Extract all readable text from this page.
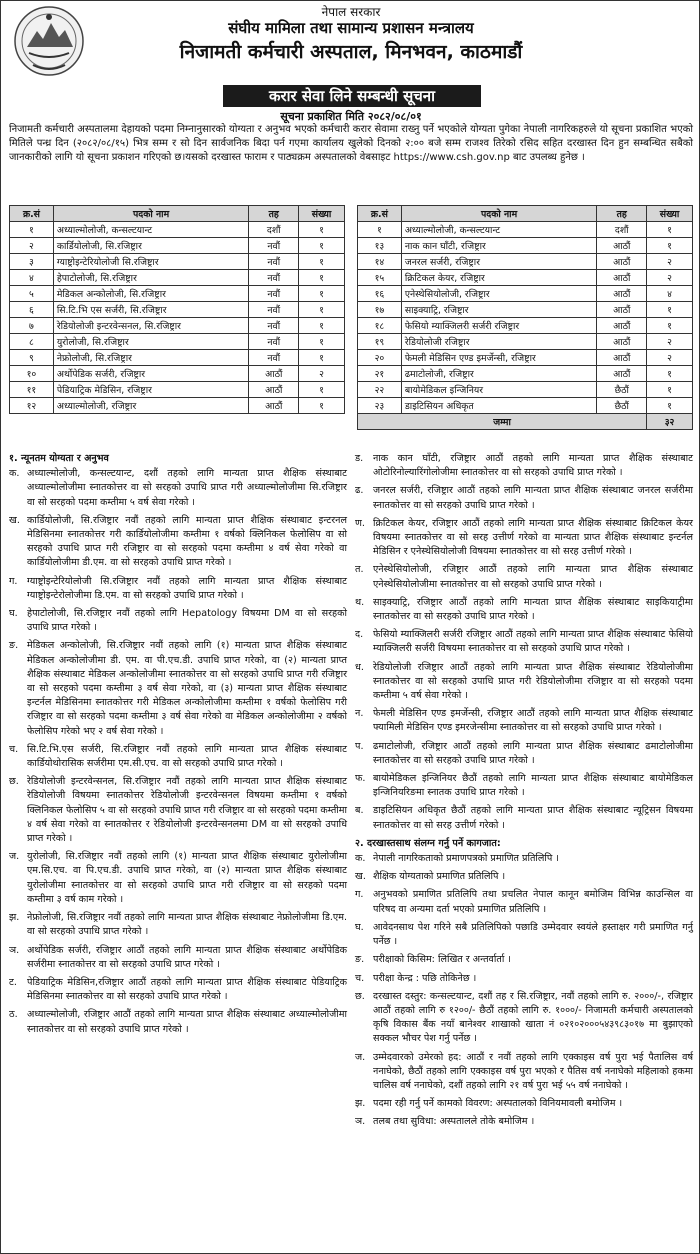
नेपाल सरकार
संघीय मामिला तथा सामान्य प्रशासन मन्त्रालय
निजामती कर्मचारी अस्पताल, मिनभवन, काठमाडौं
करार सेवा लिने सम्बन्धी सूचना
सूचना प्रकाशित मिति २०८२/०८/०१
निजामती कर्मचारी अस्पतालमा देहायको पदमा निम्नानुसारको योग्यता र अनुभव भएको कर्मचारी करार सेवामा राख्नु पर्ने भएकोले योग्यता पुगेका नेपाली नागरिकहरुले यो सूचना प्रकाशित भएको मितिले पन्ध्र दिन (२०८२/०८/१५) भित्र सम्म र सो दिन सार्वजनिक बिदा पर्न गएमा कार्यालय खुलेको दिनको २:०० बजे सम्म राजश्व तिरेको रसिद सहित दरखास्त दिन हुन सम्बन्धित सबैको जानकारीको लागि यो सूचना प्रकाशन गरिएको छ।यसको दरखास्त फाराम र पाठ्यक्रम अस्पतालको वेबसाइट https://www.csh.gov.np बाट उपलब्ध हुनेछ ।
क्र.सं	पदको नाम	तह	संख्या
१	अध्याल्मोलोजी, कन्सल्टयान्ट	दशौं	१
२	कार्डियोलोजी, सि.रजिष्ट्रार	नवौं	१
३	ग्याष्ट्रोइन्टेरियोलोजी सि.रजिष्ट्रार	नवौं	१
४	हेपाटोलोजी, सि.रजिष्ट्रार	नवौं	१
५	मेडिकल अन्कोलोजी, सि.रजिष्ट्रार	नवौं	१
६	सि.टि.भि एस सर्जरी, सि.रजिष्ट्रार	नवौं	१
७	रेडियोलोजी इन्टरवेन्सनल, सि.रजिष्ट्रार	नवौं	१
८	युरोलोजी, सि.रजिष्ट्रार	नवौं	१
९	नेफ्रोलोजी, सि.रजिष्ट्रार	नवौं	१
१०	अर्थोपेडिक सर्जरी, रजिष्ट्रार	आठौं	२
११	पेडियाट्रिक मेडिसिन, रजिष्ट्रार	आठौं	१
१२	अध्याल्मोलोजी, रजिष्ट्रार	आठौं	१
क्र.सं	पदको नाम	तह	संख्या
१	अध्याल्मोलोजी, कन्सल्टयान्ट	दशौं	१
१३	नाक कान घाँटी, रजिष्ट्रार	आठौं	१
१४	जनरल सर्जरी, रजिष्ट्रार	आठौं	२
१५	क्रिटिकल केयर, रजिष्ट्रार	आठौं	२
१६	एनेस्थेसियोलोजी, रजिष्ट्रार	आठौं	४
१७	साइक्याट्रि, रजिष्ट्रार	आठौं	१
१८	फेसियो म्याक्जिलरी सर्जरी रजिष्ट्रार	आठौं	१
१९	रेडियोलोजी रजिष्ट्रार	आठौं	२
२०	फेमली मेडिसिन एण्ड इमर्जेन्सी, रजिष्ट्रार	आठौं	२
२१	ढमाटोलोजी, रजिष्ट्रार	आठौं	१
२२	बायोमेडिकल इन्जिनियर	छैठौं	१
२३	डाइटिसियन अधिकृत	छैठौं	१
जम्मा			३२
१. न्यूनतम योग्यता र अनुभव
क. अध्याल्मोलोजी, कन्सल्टयान्ट, दशौं तहको लागि मान्यता प्राप्त शैक्षिक संस्थाबाट अध्याल्मोलोजीमा स्नातकोत्तर वा सो सरहको उपाधि प्राप्त गरी अध्याल्मोलोजीमा सि.रजिष्ट्रार वा सो सरहको पदमा कम्तीमा ५ वर्ष सेवा गरेको ।
ख. कार्डियोलोजी, सि.रजिष्ट्रार नवौं तहको लागि मान्यता प्राप्त शैक्षिक संस्थाबाट इन्टरनल मेडिसिनमा स्नातकोत्तर गरी कार्डियोलोजीमा कम्तीमा १ वर्षको क्लिनिकल फेलोसिप वा सो सरहको उपाधि प्राप्त गरी रजिष्ट्रार वा सो सरहको पदमा कम्तीमा ४ वर्ष सेवा गरेको वा कार्डियोलोजीमा डी.एम. वा सो सरहको उपाधि प्राप्त गरेको ।
ग. ग्याष्ट्रोइन्टेरियोलोजी सि.रजिष्ट्रार नवौं तहको लागि मान्यता प्राप्त शैक्षिक संस्थाबाट ग्याष्ट्रोइन्टेरोलोजीमा डि.एम. वा सो सरहको उपाधि प्राप्त गरेको ।
घ. हेपाटोलोजी, सि.रजिष्ट्रार नवौं तहको लागि Hepatology विषयमा DM वा सो सरहको उपाधि प्राप्त गरेको ।
ङ. मेडिकल अन्कोलोजी, सि.रजिष्ट्रार नवौं तहको लागि (१) मान्यता प्राप्त शैक्षिक संस्थाबाट मेडिकल अन्कोलोजीमा डी. एम. वा पी.एच.डी. उपाधि प्राप्त गरेको, वा (२) मान्यता प्राप्त शैक्षिक संस्थाबाट मेडिकल अन्कोलोजीमा स्नातकोत्तर वा सो सरहको उपाधि प्राप्त गरी रजिष्ट्रार वा सो सरहको पदमा कम्तीमा ३ वर्ष सेवा गरेको, वा (३) मान्यता प्राप्त शैक्षिक संस्थाबाट इन्टर्नल मेडिसिनमा स्नातकोत्तर गरी मेडिकल अन्कोलोजीमा कम्तीमा १ वर्षको फेलोसिप गरी रजिष्ट्रार वा सो सरहको पदमा कम्तीमा ३ वर्ष सेवा गरेको वा मेडिकल अन्कोलोजीमा २ वर्षको फेलोसिप गरेको भए २ वर्ष सेवा गरेको ।
च. सि.टि.भि.एस सर्जरी, सि.रजिष्ट्रार नवौं तहको लागि मान्यता प्राप्त शैक्षिक संस्थाबाट कार्डियोथोरासिक सर्जरीमा एम.सी.एच. वा सो सरहको उपाधि प्राप्त गरेको ।
छ. रेडियोलोजी इन्टरवेन्सनल, सि.रजिष्ट्रार नवौं तहको लागि मान्यता प्राप्त शैक्षिक संस्थाबाट रेडियोलोजी विषयमा स्नातकोत्तर रेडियोलोजी इन्टरवेन्सनल विषयमा कम्तीमा १ वर्षको क्लिनिकल फेलोसिप ५ वा सो सरहको उपाधि प्राप्त गरी रजिष्ट्रार वा सो सरहको पदमा कम्तीमा ४ वर्ष सेवा गरेको वा स्नातकोत्तर र रेडियोलोजी इन्टरवेन्सनलमा DM वा सो सरहको उपाधि प्राप्त गरेको ।
ज. युरोलोजी, सि.रजिष्ट्रार नवौं तहको लागि (१) मान्यता प्राप्त शैक्षिक संस्थाबाट युरोलोजीमा एम.सि.एच. वा पि.एच.डी. उपाधि प्राप्त गरेको, वा (२) मान्यता प्राप्त शैक्षिक संस्थाबाट युरोलोजीमा स्नातकोत्तर वा सो सरहको उपाधि प्राप्त गरी रजिष्ट्रार वा सो सरहको पदमा कम्तीमा ३ वर्ष काम गरेको ।
झ. नेफ्रोलोजी, सि.रजिष्ट्रार नवौं तहको लागि मान्यता प्राप्त शैक्षिक संस्थाबाट नेफ्रोलोजीमा डि.एम. वा सो सरहको उपाधि प्राप्त गरेको ।
ञ. अर्थोपेडिक सर्जरी, रजिष्ट्रार आठौं तहको लागि मान्यता प्राप्त शैक्षिक संस्थाबाट अर्थोपेडिक सर्जरीमा स्नातकोत्तर वा सो सरहको उपाधि प्राप्त गरेको ।
ट. पेडियाट्रिक मेडिसिन,रजिष्ट्रार आठौं तहको लागि मान्यता प्राप्त शैक्षिक संस्थाबाट पेडियाट्रिक मेडिसिनमा स्नातकोत्तर वा सो सरहको उपाधि प्राप्त गरेको ।
ठ. अध्याल्मोलोजी, रजिष्ट्रार आठौं तहको लागि मान्यता प्राप्त शैक्षिक संस्थाबाट अध्याल्मोलोजीमा स्नातकोत्तर वा सो सरहको उपाधि प्राप्त गरेको ।
ड. नाक कान घाँटी, रजिष्ट्रार आठौं तहको लागि मान्यता प्राप्त शैक्षिक संस्थाबाट ओटोरिनोल्यारिंगोलोजीमा स्नातकोत्तर वा सो सरहको उपाधि प्राप्त गरेको ।
ढ. जनरल सर्जरी, रजिष्ट्रार आठौं तहको लागि मान्यता प्राप्त शैक्षिक संस्थाबाट जनरल सर्जरीमा स्नातकोत्तर वा सो सरहको उपाधि प्राप्त गरेको ।
ण. क्रिटिकल केयर, रजिष्ट्रार आठौं तहको लागि मान्यता प्राप्त शैक्षिक संस्थाबाट क्रिटिकल केयर विषयमा स्नातकोत्तर वा सो सरह उत्तीर्ण गरेको वा मान्यता प्राप्त शैक्षिक संस्थाबाट इन्टर्नल मेडिसिन र एनेस्थेसियोलोजी विषयमा स्नातकोत्तर वा सो सरह उत्तीर्ण गरेको ।
त. एनेस्थेसियोलोजी, रजिष्ट्रार आठौं तहको लागि मान्यता प्राप्त शैक्षिक संस्थाबाट एनेस्थेसियोलोजीमा स्नातकोत्तर वा सो सरहको उपाधि प्राप्त गरेको ।
थ. साइक्याट्रि, रजिष्ट्रार आठौं तहको लागि मान्यता प्राप्त शैक्षिक संस्थाबाट साइकियाट्रीमा स्नातकोत्तर वा सो सरहको उपाधि प्राप्त गरेको ।
द. फेसियो म्याक्जिलरी सर्जरी रजिष्ट्रार आठौं तहको लागि मान्यता प्राप्त शैक्षिक संस्थाबाट फेसियो म्याक्जिलरी सर्जरी विषयमा स्नातकोत्तर वा सो सरहको उपाधि प्राप्त गरेको ।
ध. रेडियोलोजी रजिष्ट्रार आठौं तहको लागि मान्यता प्राप्त शैक्षिक संस्थाबाट रेडियोलोजीमा स्नातकोत्तर वा सो सरहको उपाधि प्राप्त गरी रेडियोलोजीमा रजिष्ट्रार वा सो सरहको पदमा कम्तीमा ५ वर्ष सेवा गरेको ।
न. फेमली मेडिसिन एण्ड इमर्जेन्सी, रजिष्ट्रार आठौं तहको लागि मान्यता प्राप्त शैक्षिक संस्थाबाट फ्यामिली मेडिसिन एण्ड इमरजेन्सीमा स्नातकोत्तर वा सो सरहको उपाधि प्राप्त गरेको ।
प. ढमाटोलोजी, रजिष्ट्रार आठौं तहको लागि मान्यता प्राप्त शैक्षिक संस्थाबाट ढमाटोलोजीमा स्नातकोत्तर वा सो सरहको उपाधि प्राप्त गरेको ।
फ. बायोमेडिकल इन्जिनियर छैठौं तहको लागि मान्यता प्राप्त शैक्षिक संस्थाबाट बायोमेडिकल इन्जिनियरिङमा स्नातक उपाधि प्राप्त गरेको ।
ब. डाइटिसियन अधिकृत छैठौं तहको लागि मान्यता प्राप्त शैक्षिक संस्थाबाट न्यूट्रिसन विषयमा स्नातकोत्तर वा सो सरह उत्तीर्ण गरेको ।
२. दरखास्तसाथ संलग्न गर्नु पर्ने कागजात:
क. नेपाली नागरिकताको प्रमाणपत्रको प्रमाणित प्रतिलिपि ।
ख. शैक्षिक योग्यताको प्रमाणित प्रतिलिपि ।
ग. अनुभवको प्रमाणित प्रतिलिपि तथा प्रचलित नेपाल कानून बमोजिम विभिन्न काउन्सिल वा परिषद वा अन्यमा दर्ता भएको प्रमाणित प्रतिलिपि ।
घ. आवेदनसाथ पेश गरिने सबै प्रतिलिपिको पछाडि उम्मेदवार स्वयंले हस्ताक्षर गरी प्रमाणित गर्नु पर्नेछ ।
ङ. परीक्षाको किसिम: लिखित र अन्तर्वार्ता ।
च. परीक्षा केन्द्र : पछि तोकिनेछ ।
छ. दरखास्त दस्तुर: कन्सल्टयान्ट, दशौं तह र सि.रजिष्ट्रार, नवौं तहको लागि रु. २०००/-, रजिष्ट्रार आठौं तहको लागि रु १२००/- छैठौं तहको लागि रु. १०००/- निजामती कर्मचारी अस्पतालको कृषि विकास बैंक नयाँ बानेश्वर शाखाको खाता नं ०२१०२०००५४३९८३०१७ मा बुझाएको सक्कल भौचर पेश गर्नु पर्नेछ ।
ज. उम्मेदवारको उमेरको हद: आठौं र नवौं तहको लागि एक्काइस वर्ष पुरा भई पैतालिस वर्ष ननाघेको, छैठौं तहको लागि एक्काइस वर्ष पुरा भएको र पैतिस वर्ष ननाघेको महिलाको हकमा चालिस वर्ष ननाघेको, दशौं तहको लागि २१ वर्ष पुरा भई ५५ वर्ष ननाघेको ।
झ. पदमा रही गर्नु पर्ने कामको विवरण: अस्पतालको विनियमावली बमोजिम ।
ञ. तलब तथा सुविधा: अस्पतालले तोके बमोजिम ।
